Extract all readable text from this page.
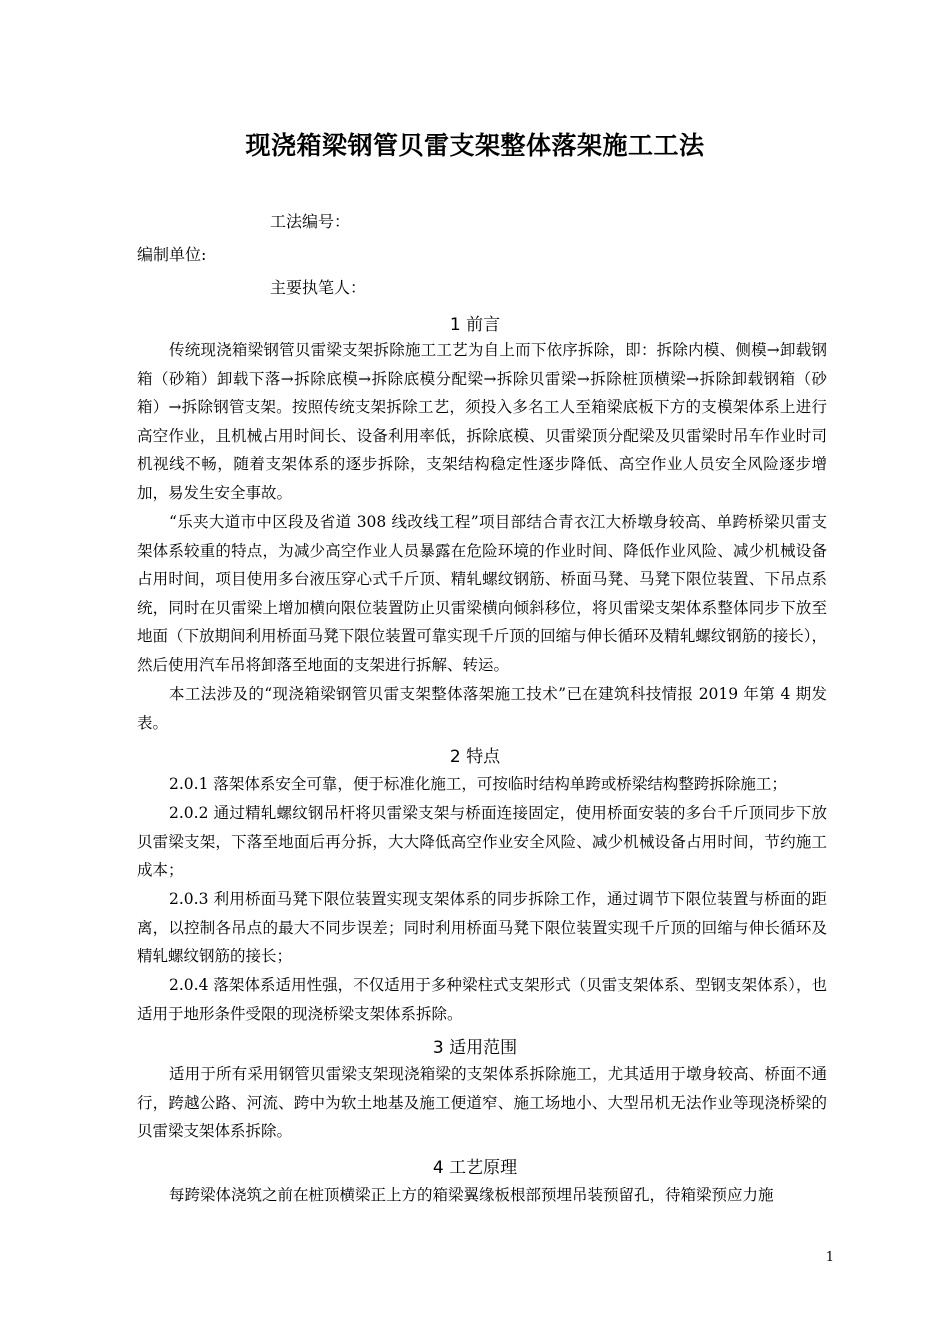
现浇箱梁钢管贝雷支架整体落架施工工法
工法编号：
编制单位:
主要执笔人：
1 前言

传统现浇箱梁钢管贝雷梁支架拆除施工工艺为自上而下依序拆除，即：拆除内模、侧模→卸载钢箱（砂箱）卸载下落→拆除底模→拆除底模分配梁→拆除贝雷梁→拆除桩顶横梁→拆除卸载钢箱（砂箱）→拆除钢管支架。按照传统支架拆除工艺，须投入多名工人至箱梁底板下方的支模架体系上进行高空作业，且机械占用时间长、设备利用率低，拆除底模、贝雷梁顶分配梁及贝雷梁时吊车作业时司机视线不畅，随着支架体系的逐步拆除，支架结构稳定性逐步降低、高空作业人员安全风险逐步增加，易发生安全事故。

“乐夹大道市中区段及省道 308 线改线工程”项目部结合青衣江大桥墩身较高、单跨桥梁贝雷支架体系较重的特点，为减少高空作业人员暴露在危险环境的作业时间、降低作业风险、减少机械设备占用时间，项目使用多台液压穿心式千斤顶、精轧螺纹钢筋、桥面马凳、马凳下限位装置、下吊点系统，同时在贝雷梁上增加横向限位装置防止贝雷梁横向倾斜移位，将贝雷梁支架体系整体同步下放至地面（下放期间利用桥面马凳下限位装置可靠实现千斤顶的回缩与伸长循环及精轧螺纹钢筋的接长），然后使用汽车吊将卸落至地面的支架进行拆解、转运。

本工法涉及的“现浇箱梁钢管贝雷支架整体落架施工技术”已在建筑科技情报 2019 年第 4 期发表。

2 特点

2.0.1 落架体系安全可靠，便于标准化施工，可按临时结构单跨或桥梁结构整跨拆除施工；

2.0.2 通过精轧螺纹钢吊杆将贝雷梁支架与桥面连接固定，使用桥面安装的多台千斤顶同步下放贝雷梁支架，下落至地面后再分拆，大大降低高空作业安全风险、减少机械设备占用时间，节约施工成本；

2.0.3 利用桥面马凳下限位装置实现支架体系的同步拆除工作，通过调节下限位装置与桥面的距离，以控制各吊点的最大不同步误差；同时利用桥面马凳下限位装置实现千斤顶的回缩与伸长循环及精轧螺纹钢筋的接长；

2.0.4 落架体系适用性强，不仅适用于多种梁柱式支架形式（贝雷支架体系、型钢支架体系），也适用于地形条件受限的现浇桥梁支架体系拆除。

3 适用范围

适用于所有采用钢管贝雷梁支架现浇箱梁的支架体系拆除施工，尤其适用于墩身较高、桥面不通行，跨越公路、河流、跨中为软土地基及施工便道窄、施工场地小、大型吊机无法作业等现浇桥梁的贝雷梁支架体系拆除。

4 工艺原理

每跨梁体浇筑之前在桩顶横梁正上方的箱梁翼缘板根部预埋吊装预留孔，待箱梁预应力施

1
